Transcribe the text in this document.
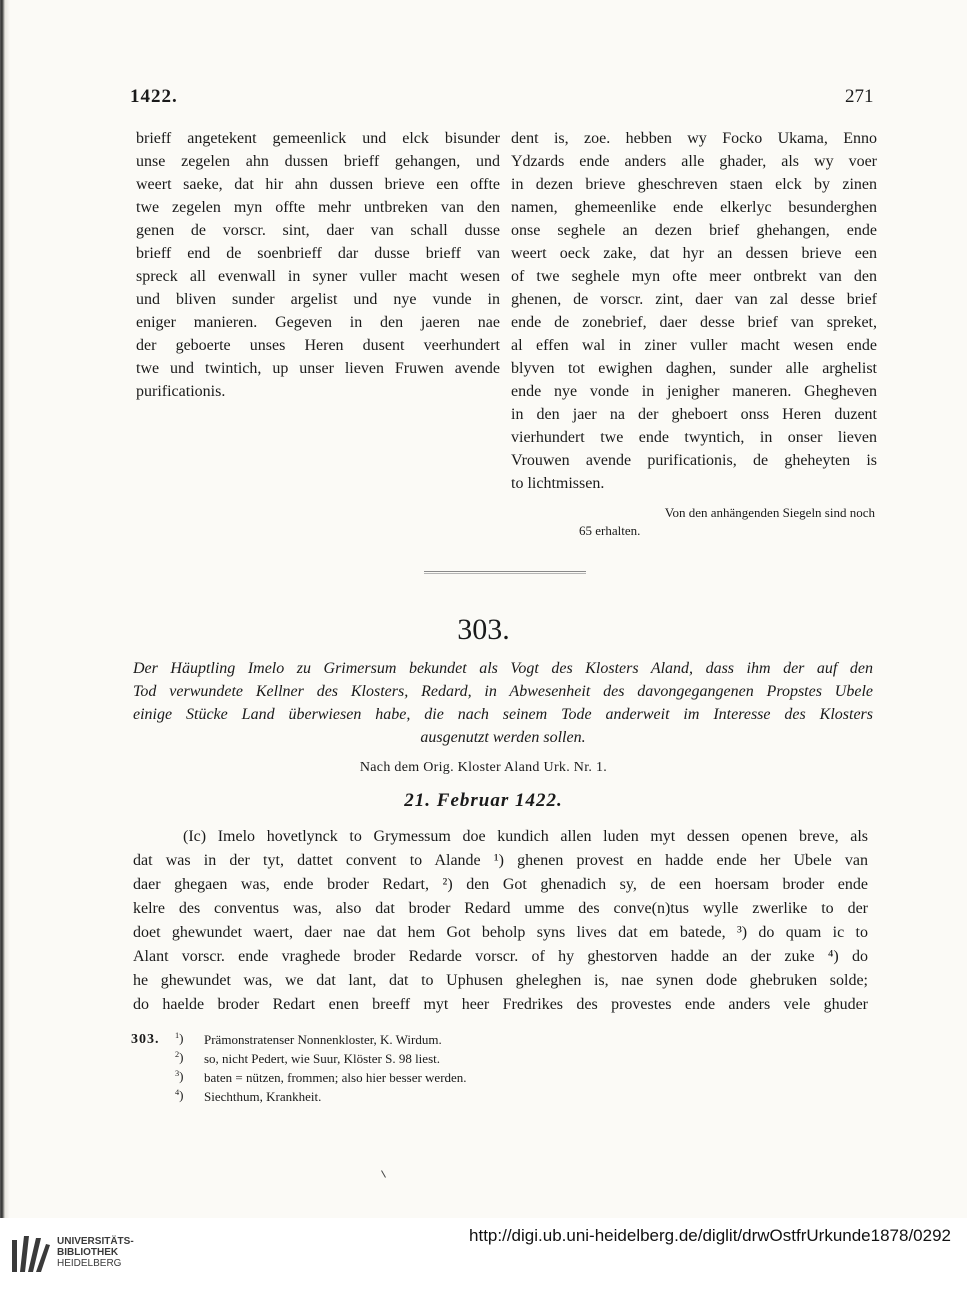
1422.	271
brieff angetekent gemeenlick und elck bisunder
unse zegelen ahn dussen brieff gehangen, und
weert saeke, dat hir ahn dussen brieve een offte
twe zegelen myn offte mehr untbreken van den
genen de vorscr. sint, daer van schall dusse
brieff end de soenbrieff dar dusse brieff van
spreck all evenwall in syner vuller macht wesen
und bliven sunder argelist und nye vunde in
eniger manieren. Gegeven in den jaeren nae
der geboerte unses Heren dusent veerhundert
twe und twintich, up unser lieven Fruwen avende
purificationis.
dent is, zoe. hebben wy Focko Ukama, Enno
Ydzards ende anders alle ghader, als wy voer
in dezen brieve gheschreven staen elck by zinen
namen, ghemeenlike ende elkerlyc besunderghen
onse seghele an dezen brief ghehangen, ende
weert oeck zake, dat hyr an dessen brieve een
of twe seghele myn ofte meer ontbrekt van den
ghenen, de vorscr. zint, daer van zal desse brief
ende de zonebrief, daer desse brief van spreket,
al effen wal in ziner vuller macht wesen ende
blyven tot ewighen daghen, sunder alle arghelist
ende nye vonde in jenigher maneren. Ghegheven
in den jaer na der gheboert onss Heren duzent
vierhundert twe ende twyntich, in onser lieven
Vrouwen avende purificationis, de gheheyten is
to lichtmissen.
Von den anhängenden Siegeln sind noch
65 erhalten.
303.
Der Häuptling Imelo zu Grimersum bekundet als Vogt des Klosters Aland, dass ihm der auf den
Tod verwundete Kellner des Klosters, Redard, in Abwesenheit des davongegangenen Propstes Ubele
einige Stücke Land überwiesen habe, die nach seinem Tode anderweit im Interesse des Klosters
ausgenutzt werden sollen.
Nach dem Orig. Kloster Aland Urk. Nr. 1.
21. Februar 1422.
(Ic) Imelo hovetlynck to Grymessum doe kundich allen luden myt dessen openen breve, als
dat was in der tyt, dattet convent to Alande ¹) ghenen provest en hadde ende her Ubele van
daer ghegaen was, ende broder Redart, ²) den Got ghenadich sy, de een hoersam broder ende
kelre des conventus was, also dat broder Redard umme des conve(n)tus wylle zwerlike to der
doet ghewundet waert, daer nae dat hem Got beholp syns lives dat em batede, ³) do quam ic to
Alant vorscr. ende vraghede broder Redarde vorscr. of hy ghestorven hadde an der zuke ⁴) do
he ghewundet was, we dat lant, dat to Uphusen gheleghen is, nae synen dode ghebruken solde;
do haelde broder Redart enen breeff myt heer Fredrikes des provestes ende anders vele ghuder
303. $^1$) Prämonstratenser Nonnenkloster, K. Wirdum.
$^2$) so, nicht Pedert, wie Suur, Klöster S. 98 liest.
$^3$) baten = nützen, frommen; also hier besser werden.
$^4$) Siechthum, Krankheit.
UNIVERSITÄTS-
BIBLIOTHEK
HEIDELBERG
http://digi.ub.uni-heidelberg.de/diglit/drwOstfrUrkunde1878/0292
